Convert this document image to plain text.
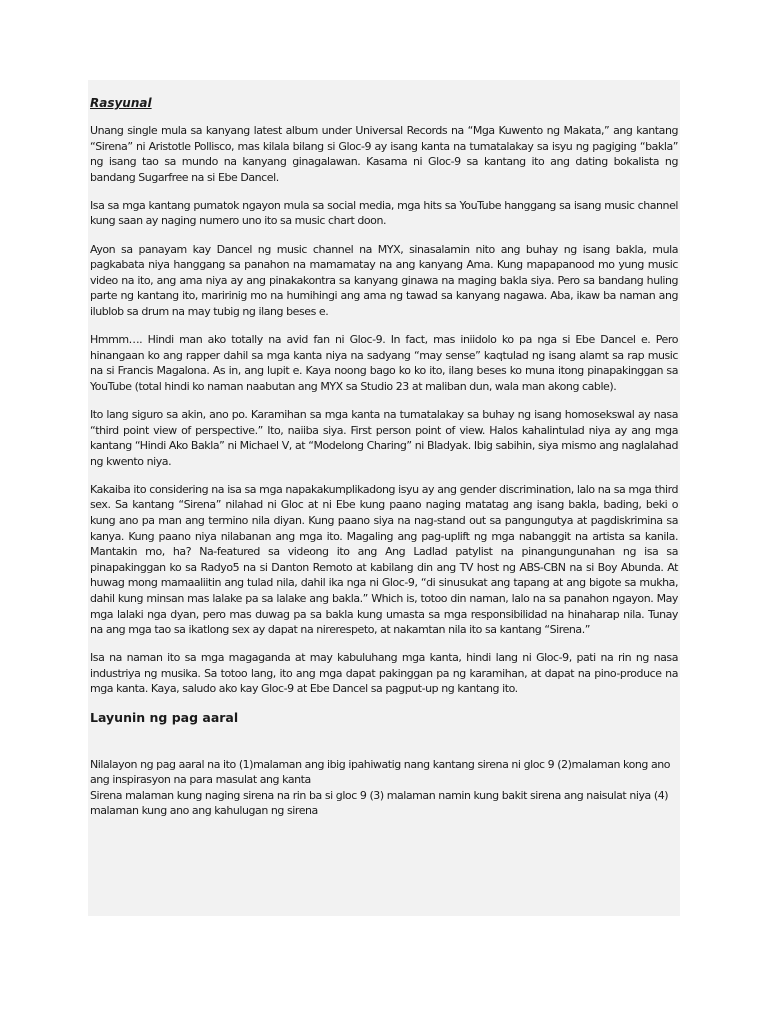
Rasyunal

Unang single mula sa kanyang latest album under Universal Records na “Mga Kuwento ng Makata,” ang kantang “Sirena” ni Aristotle Pollisco, mas kilala bilang si Gloc-9 ay isang kanta na tumatalakay sa isyu ng pagiging “bakla” ng isang tao sa mundo na kanyang ginagalawan. Kasama ni Gloc-9 sa kantang ito ang dating bokalista ng bandang Sugarfree na si Ebe Dancel.

Isa sa mga kantang pumatok ngayon mula sa social media, mga hits sa YouTube hanggang sa isang music channel kung saan ay naging numero uno ito sa music chart doon.

Ayon sa panayam kay Dancel ng music channel na MYX, sinasalamin nito ang buhay ng isang bakla, mula pagkabata niya hanggang sa panahon na mamamatay na ang kanyang Ama. Kung mapapanood mo yung music video na ito, ang ama niya ay ang pinakakontra sa kanyang ginawa na maging bakla siya. Pero sa bandang huling parte ng kantang ito, maririnig mo na humihingi ang ama ng tawad sa kanyang nagawa. Aba, ikaw ba naman ang ilublob sa drum na may tubig ng ilang beses e.

Hmmm…. Hindi man ako totally na avid fan ni Gloc-9. In fact, mas iniidolo ko pa nga si Ebe Dancel e. Pero hinangaan ko ang rapper dahil sa mga kanta niya na sadyang “may sense” kaqtulad ng isang alamt sa rap music na si Francis Magalona. As in, ang lupit e. Kaya noong bago ko ko ito, ilang beses ko muna itong pinapakinggan sa YouTube (total hindi ko naman naabutan ang MYX sa Studio 23 at maliban dun, wala man akong cable).

Ito lang siguro sa akin, ano po. Karamihan sa mga kanta na tumatalakay sa buhay ng isang homosekswal ay nasa “third point view of perspective.” Ito, naiiba siya. First person point of view. Halos kahalintulad niya ay ang mga kantang “Hindi Ako Bakla” ni Michael V, at “Modelong Charing” ni Bladyak. Ibig sabihin, siya mismo ang naglalahad ng kwento niya.

Kakaiba ito considering na isa sa mga napakakumplikadong isyu ay ang gender discrimination, lalo na sa mga third sex. Sa kantang “Sirena” nilahad ni Gloc at ni Ebe kung paano naging matatag ang isang bakla, bading, beki o kung ano pa man ang termino nila diyan. Kung paano siya na nag-stand out sa pangungutya at pagdiskrimina sa kanya. Kung paano niya nilabanan ang mga ito. Magaling ang pag-uplift ng mga nabanggit na artista sa kanila. Mantakin mo, ha? Na-featured sa videong ito ang Ang Ladlad patylist na pinangungunahan ng isa sa pinapakinggan ko sa Radyo5 na si Danton Remoto at kabilang din ang TV host ng ABS-CBN na si Boy Abunda. At huwag mong mamaaliitin ang tulad nila, dahil ika nga ni Gloc-9, “di sinusukat ang tapang at ang bigote sa mukha, dahil kung minsan mas lalake pa sa lalake ang bakla.” Which is, totoo din naman, lalo na sa panahon ngayon. May mga lalaki nga dyan, pero mas duwag pa sa bakla kung umasta sa mga responsibilidad na hinaharap nila. Tunay na ang mga tao sa ikatlong sex ay dapat na nirerespeto, at nakamtan nila ito sa kantang “Sirena.”

Isa na naman ito sa mga magaganda at may kabuluhang mga kanta, hindi lang ni Gloc-9, pati na rin ng nasa industriya ng musika. Sa totoo lang, ito ang mga dapat pakinggan pa ng karamihan, at dapat na pino-produce na mga kanta. Kaya, saludo ako kay Gloc-9 at Ebe Dancel sa pagput-up ng kantang ito.

Layunin ng pag aaral

Nilalayon ng pag aaral na ito (1)malaman ang ibig ipahiwatig nang kantang sirena ni gloc 9 (2)malaman kong ano ang inspirasyon na para masulat ang kanta

Sirena malaman kung naging sirena na rin ba si gloc 9 (3) malaman namin kung bakit sirena ang naisulat niya (4) malaman kung ano ang kahulugan ng sirena
